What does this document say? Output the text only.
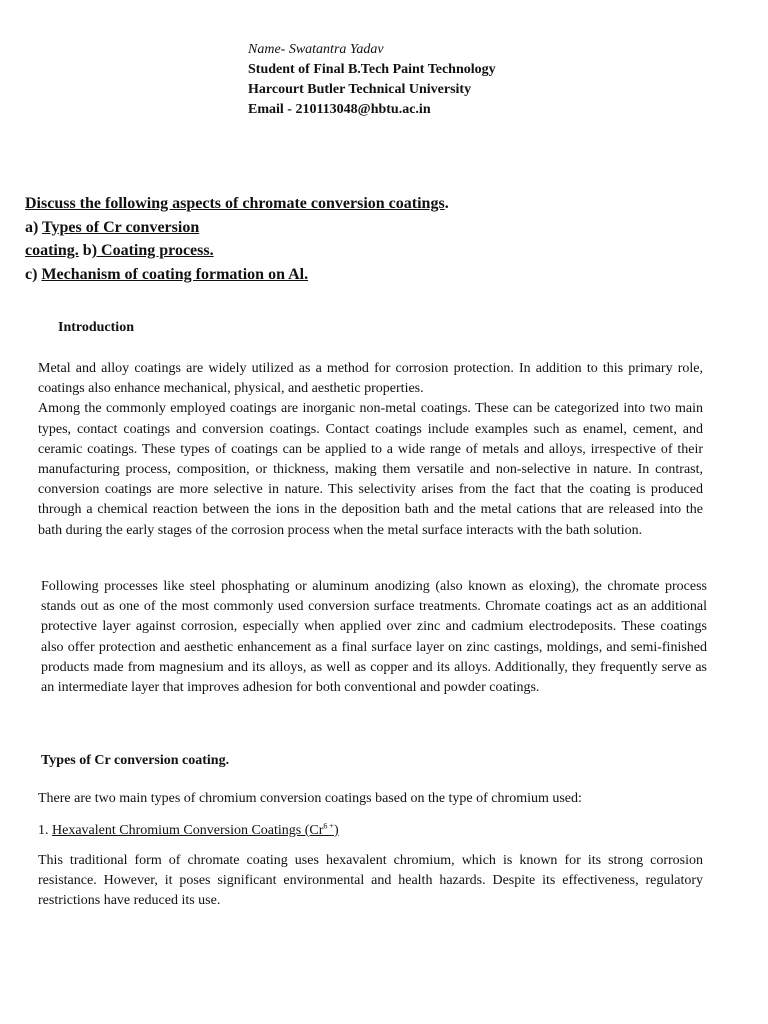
Name- Swatantra Yadav
Student of Final B.Tech Paint Technology
Harcourt Butler Technical University
Email - 210113048@hbtu.ac.in
Discuss the following aspects of chromate conversion coatings.
a) Types of Cr conversion
coating. b) Coating process.
c) Mechanism of coating formation on Al.
Introduction
Metal and alloy coatings are widely utilized as a method for corrosion protection. In addition to this primary role, coatings also enhance mechanical, physical, and aesthetic properties.
Among the commonly employed coatings are inorganic non-metal coatings. These can be categorized into two main types, contact coatings and conversion coatings. Contact coatings include examples such as enamel, cement, and ceramic coatings. These types of coatings can be applied to a wide range of metals and alloys, irrespective of their manufacturing process, composition, or thickness, making them versatile and non-selective in nature. In contrast, conversion coatings are more selective in nature. This selectivity arises from the fact that the coating is produced through a chemical reaction between the ions in the deposition bath and the metal cations that are released into the bath during the early stages of the corrosion process when the metal surface interacts with the bath solution.
Following processes like steel phosphating or aluminum anodizing (also known as eloxing), the chromate process stands out as one of the most commonly used conversion surface treatments. Chromate coatings act as an additional protective layer against corrosion, especially when applied over zinc and cadmium electrodeposits. These coatings also offer protection and aesthetic enhancement as a final surface layer on zinc castings, moldings, and semi-finished products made from magnesium and its alloys, as well as copper and its alloys. Additionally, they frequently serve as an intermediate layer that improves adhesion for both conventional and powder coatings.
Types of Cr conversion coating.
There are two main types of chromium conversion coatings based on the type of chromium used:
1. Hexavalent Chromium Conversion Coatings $(Cr^{6 +})$
This traditional form of chromate coating uses hexavalent chromium, which is known for its strong corrosion resistance. However, it poses significant environmental and health hazards. Despite its effectiveness, regulatory restrictions have reduced its use.
